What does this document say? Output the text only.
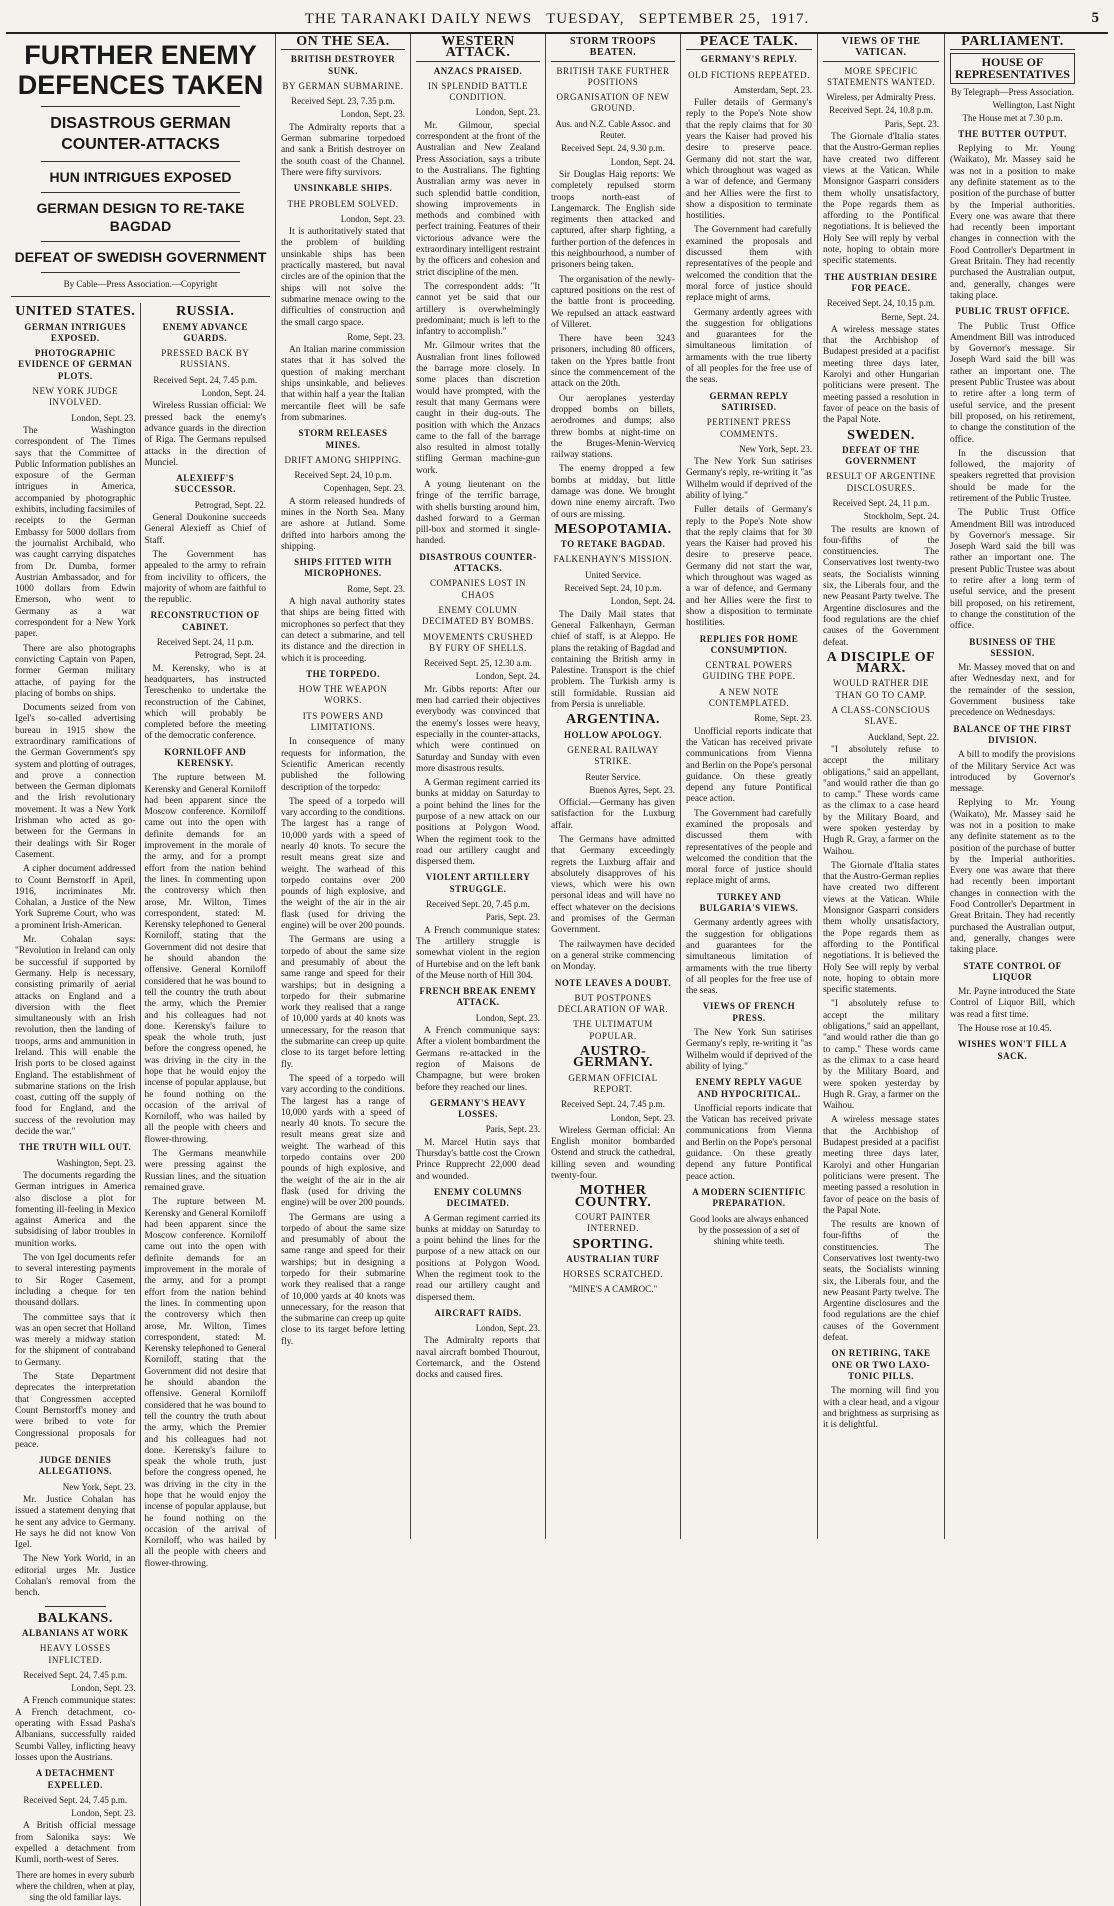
THE TARANAKI DAILY NEWS   TUESDAY,   SEPTEMBER 25,  1917.	5
FURTHER ENEMY DEFENCES TAKEN
DISASTROUS GERMAN COUNTER-ATTACKS
HUN INTRIGUES EXPOSED
GERMAN DESIGN TO RE-TAKE BAGDAD
DEFEAT OF SWEDISH GOVERNMENT
By Cable—Press Association.—Copyright
UNITED STATES.
GERMAN INTRIGUES EXPOSED.
PHOTOGRAPHIC EVIDENCE OF GERMAN PLOTS.
NEW YORK JUDGE INVOLVED.
London, Sept. 23.

The Washington correspondent of The Times says that the Committee of Public Information publishes an exposure of the German intrigues in America, accompanied by photographic exhibits, including facsimiles of receipts to the German Embassy for 5000 dollars from the journalist Archibald, who was caught carrying dispatches from Dr. Dumba, former Austrian Ambassador, and for 1000 dollars from Edwin Emerson, who went to Germany as a war correspondent for a New York paper.

There are also photographs convicting Captain von Papen, former German military attache, of paying for the placing of bombs on ships.

Documents seized from von Igel's so-called advertising bureau in 1915 show the extraordinary ramifications of the German Government's spy system and plotting of outrages, and prove a connection between the German diplomats and the Irish revolutionary movement. It was a New York Irishman who acted as go-between for the Germans in their dealings with Sir Roger Casement.

A cipher document addressed to Count Bernstorff in April, 1916, incriminates Mr. Cohalan, a Justice of the New York Supreme Court, who was a prominent Irish-American.

Mr. Cohalan says: "Revolution in Ireland can only be successful if supported by Germany. Help is necessary, consisting primarily of aerial attacks on England and a diversion with the fleet simultaneously with an Irish revolution, then the landing of troops, arms and ammunition in Ireland. This will enable the Irish ports to be closed against England. The establishment of submarine stations on the Irish coast, cutting off the supply of food for England, and the success of the revolution may decide the war."

THE TRUTH WILL OUT.
Washington, Sept. 23.

The documents regarding the German intrigues in America also disclose a plot for fomenting ill-feeling in Mexico against America and the subsidising of labor troubles in munition works.

The von Igel documents refer to several interesting payments to Sir Roger Casement, including a cheque for ten thousand dollars.

The committee says that it was an open secret that Holland was merely a midway station for the shipment of contraband to Germany.

The State Department deprecates the interpretation that Congressmen accepted Count Bernstorff's money and were bribed to vote for Congressional proposals for peace.

JUDGE DENIES ALLEGATIONS.
New York, Sept. 23.

Mr. Justice Cohalan has issued a statement denying that he sent any advice to Germany. He says he did not know Von Igel.

The New York World, in an editorial urges Mr. Justice Cohalan's removal from the bench.

BALKANS.
ALBANIANS AT WORK
HEAVY LOSSES INFLICTED.
Received Sept. 24, 7.45 p.m.
London, Sept. 23.

A French communique states: A French detachment, co-operating with Essad Pasha's Albanians, successfully raided Scumbi Valley, inflicting heavy losses upon the Austrians.

A DETACHMENT EXPELLED.
Received Sept. 24, 7.45 p.m.
London, Sept. 23.

A British official message from Salonika says: We expelled a detachment from Kumli, north-west of Seres.

There are homes in every suburb where the children, when at play, sing the old familiar lays.
RUSSIA.
ENEMY ADVANCE GUARDS.
PRESSED BACK BY RUSSIANS.
Received Sept. 24, 7.45 p.m.
London, Sept. 24.

Wireless Russian official: We pressed back the enemy's advance guards in the direction of Riga. The Germans repulsed attacks in the direction of Munciel.

ALEXIEFF'S SUCCESSOR.
Petrograd, Sept. 22.

General Doukonine succeeds General Alexieff as Chief of Staff.

The Government has appealed to the army to refrain from incivility to officers, the majority of whom are faithful to the republic.

RECONSTRUCTION OF CABINET.
Received Sept. 24, 11 p.m.
Petrograd, Sept. 24.

M. Kerensky, who is at headquarters, has instructed Tereschenko to undertake the reconstruction of the Cabinet, which will probably be completed before the meeting of the democratic conference.

KORNILOFF AND KERENSKY.

The rupture between M. Kerensky and General Korniloff had been apparent since the Moscow conference. Korniloff came out into the open with definite demands for an improvement in the morale of the army, and for a prompt effort from the nation behind the lines. In commenting upon the controversy which then arose, Mr. Wilton, Times correspondent, stated: M. Kerensky telephoned to General Korniloff, stating that the Government did not desire that he should abandon the offensive. General Korniloff considered that he was bound to tell the country the truth about the army, which the Premier and his colleagues had not done. Kerensky's failure to speak the whole truth, just before the congress opened, he was driving in the city in the hope that he would enjoy the incense of popular applause, but he found nothing on the occasion of the arrival of Korniloff, who was hailed by all the people with cheers and flower-throwing.

The Germans meanwhile were pressing against the Russian lines, and the situation remained grave.

The rupture between M. Kerensky and General Korniloff had been apparent since the Moscow conference. Korniloff came out into the open with definite demands for an improvement in the morale of the army, and for a prompt effort from the nation behind the lines. In commenting upon the controversy which then arose, Mr. Wilton, Times correspondent, stated: M. Kerensky telephoned to General Korniloff, stating that the Government did not desire that he should abandon the offensive. General Korniloff considered that he was bound to tell the country the truth about the army, which the Premier and his colleagues had not done. Kerensky's failure to speak the whole truth, just before the congress opened, he was driving in the city in the hope that he would enjoy the incense of popular applause, but he found nothing on the occasion of the arrival of Korniloff, who was hailed by all the people with cheers and flower-throwing.

ON THE SEA.
BRITISH DESTROYER SUNK.
BY GERMAN SUBMARINE.
Received Sept. 23, 7.35 p.m.
London, Sept. 23.

The Admiralty reports that a German submarine torpedoed and sank a British destroyer on the south coast of the Channel. There were fifty survivors.

UNSINKABLE SHIPS.
THE PROBLEM SOLVED.
London, Sept. 23.

It is authoritatively stated that the problem of building unsinkable ships has been practically mastered, but naval circles are of the opinion that the ships will not solve the submarine menace owing to the difficulties of construction and the small cargo space.

Rome, Sept. 23.

An Italian marine commission states that it has solved the question of making merchant ships unsinkable, and believes that within half a year the Italian mercantile fleet will be safe from submarines.

STORM RELEASES MINES.
DRIFT AMONG SHIPPING.
Received Sept. 24, 10 p.m.
Copenhagen, Sept. 23.

A storm released hundreds of mines in the North Sea. Many are ashore at Jutland. Some drifted into harbors among the shipping.

SHIPS FITTED WITH MICROPHONES.
Rome, Sept. 23.

A high naval authority states that ships are being fitted with microphones so perfect that they can detect a submarine, and tell its distance and the direction in which it is proceeding.

THE TORPEDO.
HOW THE WEAPON WORKS.
ITS POWERS AND LIMITATIONS.

In consequence of many requests for information, the Scientific American recently published the following description of the torpedo:

The speed of a torpedo will vary according to the conditions. The largest has a range of 10,000 yards with a speed of nearly 40 knots. To secure the result means great size and weight. The warhead of this torpedo contains over 200 pounds of high explosive, and the weight of the air in the air flask (used for driving the engine) will be over 200 pounds.

The Germans are using a torpedo of about the same size and presumably of about the same range and speed for their warships; but in designing a torpedo for their submarine work they realised that a range of 10,000 yards at 40 knots was unnecessary, for the reason that the submarine can creep up quite close to its target before letting fly.

The speed of a torpedo will vary according to the conditions. The largest has a range of 10,000 yards with a speed of nearly 40 knots. To secure the result means great size and weight. The warhead of this torpedo contains over 200 pounds of high explosive, and the weight of the air in the air flask (used for driving the engine) will be over 200 pounds.

The Germans are using a torpedo of about the same size and presumably of about the same range and speed for their warships; but in designing a torpedo for their submarine work they realised that a range of 10,000 yards at 40 knots was unnecessary, for the reason that the submarine can creep up quite close to its target before letting fly.

WESTERN ATTACK.
ANZACS PRAISED.
IN SPLENDID BATTLE CONDITION.
London, Sept. 23.

Mr. Gilmour, special correspondent at the front of the Australian and New Zealand Press Association, says a tribute to the Australians. The fighting Australian army was never in such splendid battle condition, showing improvements in methods and combined with perfect training. Features of their victorious advance were the extraordinary intelligent restraint by the officers and cohesion and strict discipline of the men.

The correspondent adds: "It cannot yet be said that our artillery is overwhelmingly predominant; much is left to the infantry to accomplish."

Mr. Gilmour writes that the Australian front lines followed the barrage more closely. In some places than discretion would have prompted, with the result that many Germans were caught in their dug-outs. The position with which the Anzacs came to the fall of the barrage also resulted in almost totally stifling German machine-gun work.

A young lieutenant on the fringe of the terrific barrage, with shells bursting around him, dashed forward to a German pill-box and stormed it single-handed.

DISASTROUS COUNTER-ATTACKS.
COMPANIES LOST IN CHAOS
ENEMY COLUMN DECIMATED BY BOMBS.
MOVEMENTS CRUSHED BY FURY OF SHELLS.
Received Sept. 25, 12.30 a.m.
London, Sept. 24.

Mr. Gibbs reports: After our men had carried their objectives everybody was convinced that the enemy's losses were heavy, especially in the counter-attacks, which were continued on Saturday and Sunday with even more disastrous results.

A German regiment carried its bunks at midday on Saturday to a point behind the lines for the purpose of a new attack on our positions at Polygon Wood. When the regiment took to the road our artillery caught and dispersed them.

VIOLENT ARTILLERY STRUGGLE.
Received Sept. 20, 7.45 p.m.
Paris, Sept. 23.

A French communique states: The artillery struggle is somewhat violent in the region of Hurtebise and on the left bank of the Meuse north of Hill 304.

FRENCH BREAK ENEMY ATTACK.
London, Sept. 23.

A French communique says: After a violent bombardment the Germans re-attacked in the region of Maisons de Champagne, but were broken before they reached our lines.

GERMANY'S HEAVY LOSSES.
Paris, Sept. 23.

M. Marcel Hutin says that Thursday's battle cost the Crown Prince Rupprecht 22,000 dead and wounded.

ENEMY COLUMNS DECIMATED.

A German regiment carried its bunks at midday on Saturday to a point behind the lines for the purpose of a new attack on our positions at Polygon Wood. When the regiment took to the road our artillery caught and dispersed them.

AIRCRAFT RAIDS.
London, Sept. 23.

The Admiralty reports that naval aircraft bombed Thourout, Cortemarck, and the Ostend docks and caused fires.

STORM TROOPS BEATEN.
BRITISH TAKE FURTHER POSITIONS
ORGANISATION OF NEW GROUND.
Aus. and N.Z. Cable Assoc. and Reuter.
Received Sept. 24, 9.30 p.m.
London, Sept. 24.

Sir Douglas Haig reports: We completely repulsed storm troops north-east of Langemarck. The English side regiments then attacked and captured, after sharp fighting, a further portion of the defences in this neighbourhood, a number of prisoners being taken.

The organisation of the newly-captured positions on the rest of the battle front is proceeding. We repulsed an attack eastward of Villeret.

There have been 3243 prisoners, including 80 officers, taken on the Ypres battle front since the commencement of the attack on the 20th.

Our aeroplanes yesterday dropped bombs on billets, aerodromes and dumps; also threw bombs at night-time on the Bruges-Menin-Wervicq railway stations.

The enemy dropped a few bombs at midday, but little damage was done. We brought down nine enemy aircraft. Two of ours are missing.

MESOPOTAMIA.
TO RETAKE BAGDAD.
FALKENHAYN'S MISSION.
United Service.
Received Sept. 24, 10 p.m.
London, Sept. 24.

The Daily Mail states that General Falkenhayn, German chief of staff, is at Aleppo. He plans the retaking of Bagdad and containing the British army in Palestine. Transport is the chief problem. The Turkish army is still formidable. Russian aid from Persia is unreliable.

ARGENTINA.
HOLLOW APOLOGY.
GENERAL RAILWAY STRIKE.
Reuter Service.
Buenos Ayres, Sept. 23.

Official.—Germany has given satisfaction for the Luxburg affair.

The Germans have admitted that Germany exceedingly regrets the Luxburg affair and absolutely disapproves of his views, which were his own personal ideas and will have no effect whatever on the decisions and promises of the German Government.

The railwaymen have decided on a general strike commencing on Monday.

NOTE LEAVES A DOUBT.
BUT POSTPONES DECLARATION OF WAR.
THE ULTIMATUM POPULAR.
AUSTRO-GERMANY.
GERMAN OFFICIAL REPORT.
Received Sept. 24, 7.45 p.m.
London, Sept. 23.

Wireless German official: An English monitor bombarded Ostend and struck the cathedral, killing seven and wounding twenty-four.

MOTHER COUNTRY.
COURT PAINTER INTERNED.
SPORTING.
AUSTRALIAN TURF
HORSES SCRATCHED.
"MINE'S A CAMROC."
PEACE TALK.
GERMANY'S REPLY.
OLD FICTIONS REPEATED.
Amsterdam, Sept. 23.

Fuller details of Germany's reply to the Pope's Note show that the reply claims that for 30 years the Kaiser had proved his desire to preserve peace. Germany did not start the war, which throughout was waged as a war of defence, and Germany and her Allies were the first to show a disposition to terminate hostilities.

The Government had carefully examined the proposals and discussed them with representatives of the people and welcomed the condition that the moral force of justice should replace might of arms.

Germany ardently agrees with the suggestion for obligations and guarantees for the simultaneous limitation of armaments with the true liberty of all peoples for the free use of the seas.

GERMAN REPLY SATIRISED.
PERTINENT PRESS COMMENTS.
New York, Sept. 23.

The New York Sun satirises Germany's reply, re-writing it "as Wilhelm would if deprived of the ability of lying."

Fuller details of Germany's reply to the Pope's Note show that the reply claims that for 30 years the Kaiser had proved his desire to preserve peace. Germany did not start the war, which throughout was waged as a war of defence, and Germany and her Allies were the first to show a disposition to terminate hostilities.

REPLIES FOR HOME CONSUMPTION.
CENTRAL POWERS GUIDING THE POPE.
A NEW NOTE CONTEMPLATED.
Rome, Sept. 23.

Unofficial reports indicate that the Vatican has received private communications from Vienna and Berlin on the Pope's personal guidance. On these greatly depend any future Pontifical peace action.

The Government had carefully examined the proposals and discussed them with representatives of the people and welcomed the condition that the moral force of justice should replace might of arms.

TURKEY AND BULGARIA'S VIEWS.

Germany ardently agrees with the suggestion for obligations and guarantees for the simultaneous limitation of armaments with the true liberty of all peoples for the free use of the seas.

VIEWS OF FRENCH PRESS.

The New York Sun satirises Germany's reply, re-writing it "as Wilhelm would if deprived of the ability of lying."

ENEMY REPLY VAGUE AND HYPOCRITICAL.

Unofficial reports indicate that the Vatican has received private communications from Vienna and Berlin on the Pope's personal guidance. On these greatly depend any future Pontifical peace action.

A MODERN SCIENTIFIC PREPARATION.
Good looks are always enhanced by the possession of a set of shining white teeth.
VIEWS OF THE VATICAN.
MORE SPECIFIC STATEMENTS WANTED.
Wireless, per Admiralty Press.
Received Sept. 24, 10.8 p.m.
Paris, Sept. 23.

The Giornale d'Italia states that the Austro-German replies have created two different views at the Vatican. While Monsignor Gasparri considers them wholly unsatisfactory, the Pope regards them as affording to the Pontifical negotiations. It is believed the Holy See will reply by verbal note, hoping to obtain more specific statements.

THE AUSTRIAN DESIRE FOR PEACE.
Received Sept. 24, 10.15 p.m.
Berne, Sept. 24.

A wireless message states that the Archbishop of Budapest presided at a pacifist meeting three days later, Karolyi and other Hungarian politicians were present. The meeting passed a resolution in favor of peace on the basis of the Papal Note.

SWEDEN.
DEFEAT OF THE GOVERNMENT
RESULT OF ARGENTINE DISCLOSURES.
Received Sept. 24, 11 p.m.
Stockholm, Sept. 24.

The results are known of four-fifths of the constituencies. The Conservatives lost twenty-two seats, the Socialists winning six, the Liberals four, and the new Peasant Party twelve. The Argentine disclosures and the food regulations are the chief causes of the Government defeat.

A DISCIPLE OF MARX.
WOULD RATHER DIE THAN GO TO CAMP.
A CLASS-CONSCIOUS SLAVE.
Auckland, Sept. 22.

"I absolutely refuse to accept the military obligations," said an appellant, "and would rather die than go to camp." These words came as the climax to a case heard by the Military Board, and were spoken yesterday by Hugh R. Gray, a farmer on the Waihou.

The Giornale d'Italia states that the Austro-German replies have created two different views at the Vatican. While Monsignor Gasparri considers them wholly unsatisfactory, the Pope regards them as affording to the Pontifical negotiations. It is believed the Holy See will reply by verbal note, hoping to obtain more specific statements.

"I absolutely refuse to accept the military obligations," said an appellant, "and would rather die than go to camp." These words came as the climax to a case heard by the Military Board, and were spoken yesterday by Hugh R. Gray, a farmer on the Waihou.

A wireless message states that the Archbishop of Budapest presided at a pacifist meeting three days later, Karolyi and other Hungarian politicians were present. The meeting passed a resolution in favor of peace on the basis of the Papal Note.

The results are known of four-fifths of the constituencies. The Conservatives lost twenty-two seats, the Socialists winning six, the Liberals four, and the new Peasant Party twelve. The Argentine disclosures and the food regulations are the chief causes of the Government defeat.

ON RETIRING, TAKE ONE OR TWO LAXO-TONIC PILLS.

The morning will find you with a clear head, and a vigour and brightness as surprising as it is delightful.

PARLIAMENT.
HOUSE OF REPRESENTATIVES
By Telegraph—Press Association.
Wellington, Last Night
The House met at 7.30 p.m.
THE BUTTER OUTPUT.

Replying to Mr. Young (Waikato), Mr. Massey said he was not in a position to make any definite statement as to the position of the purchase of butter by the Imperial authorities. Every one was aware that there had recently been important changes in connection with the Food Controller's Department in Great Britain. They had recently purchased the Australian output, and, generally, changes were taking place.

PUBLIC TRUST OFFICE.

The Public Trust Office Amendment Bill was introduced by Governor's message. Sir Joseph Ward said the bill was rather an important one. The present Public Trustee was about to retire after a long term of useful service, and the present bill proposed, on his retirement, to change the constitution of the office.

In the discussion that followed, the majority of speakers regretted that provision should be made for the retirement of the Public Trustee.

The Public Trust Office Amendment Bill was introduced by Governor's message. Sir Joseph Ward said the bill was rather an important one. The present Public Trustee was about to retire after a long term of useful service, and the present bill proposed, on his retirement, to change the constitution of the office.

BUSINESS OF THE SESSION.

Mr. Massey moved that on and after Wednesday next, and for the remainder of the session, Government business take precedence on Wednesdays.

BALANCE OF THE FIRST DIVISION.

A bill to modify the provisions of the Military Service Act was introduced by Governor's message.

Replying to Mr. Young (Waikato), Mr. Massey said he was not in a position to make any definite statement as to the position of the purchase of butter by the Imperial authorities. Every one was aware that there had recently been important changes in connection with the Food Controller's Department in Great Britain. They had recently purchased the Australian output, and, generally, changes were taking place.

STATE CONTROL OF LIQUOR

Mr. Payne introduced the State Control of Liquor Bill, which was read a first time.

The House rose at 10.45.

WISHES WON'T FILL A SACK.
